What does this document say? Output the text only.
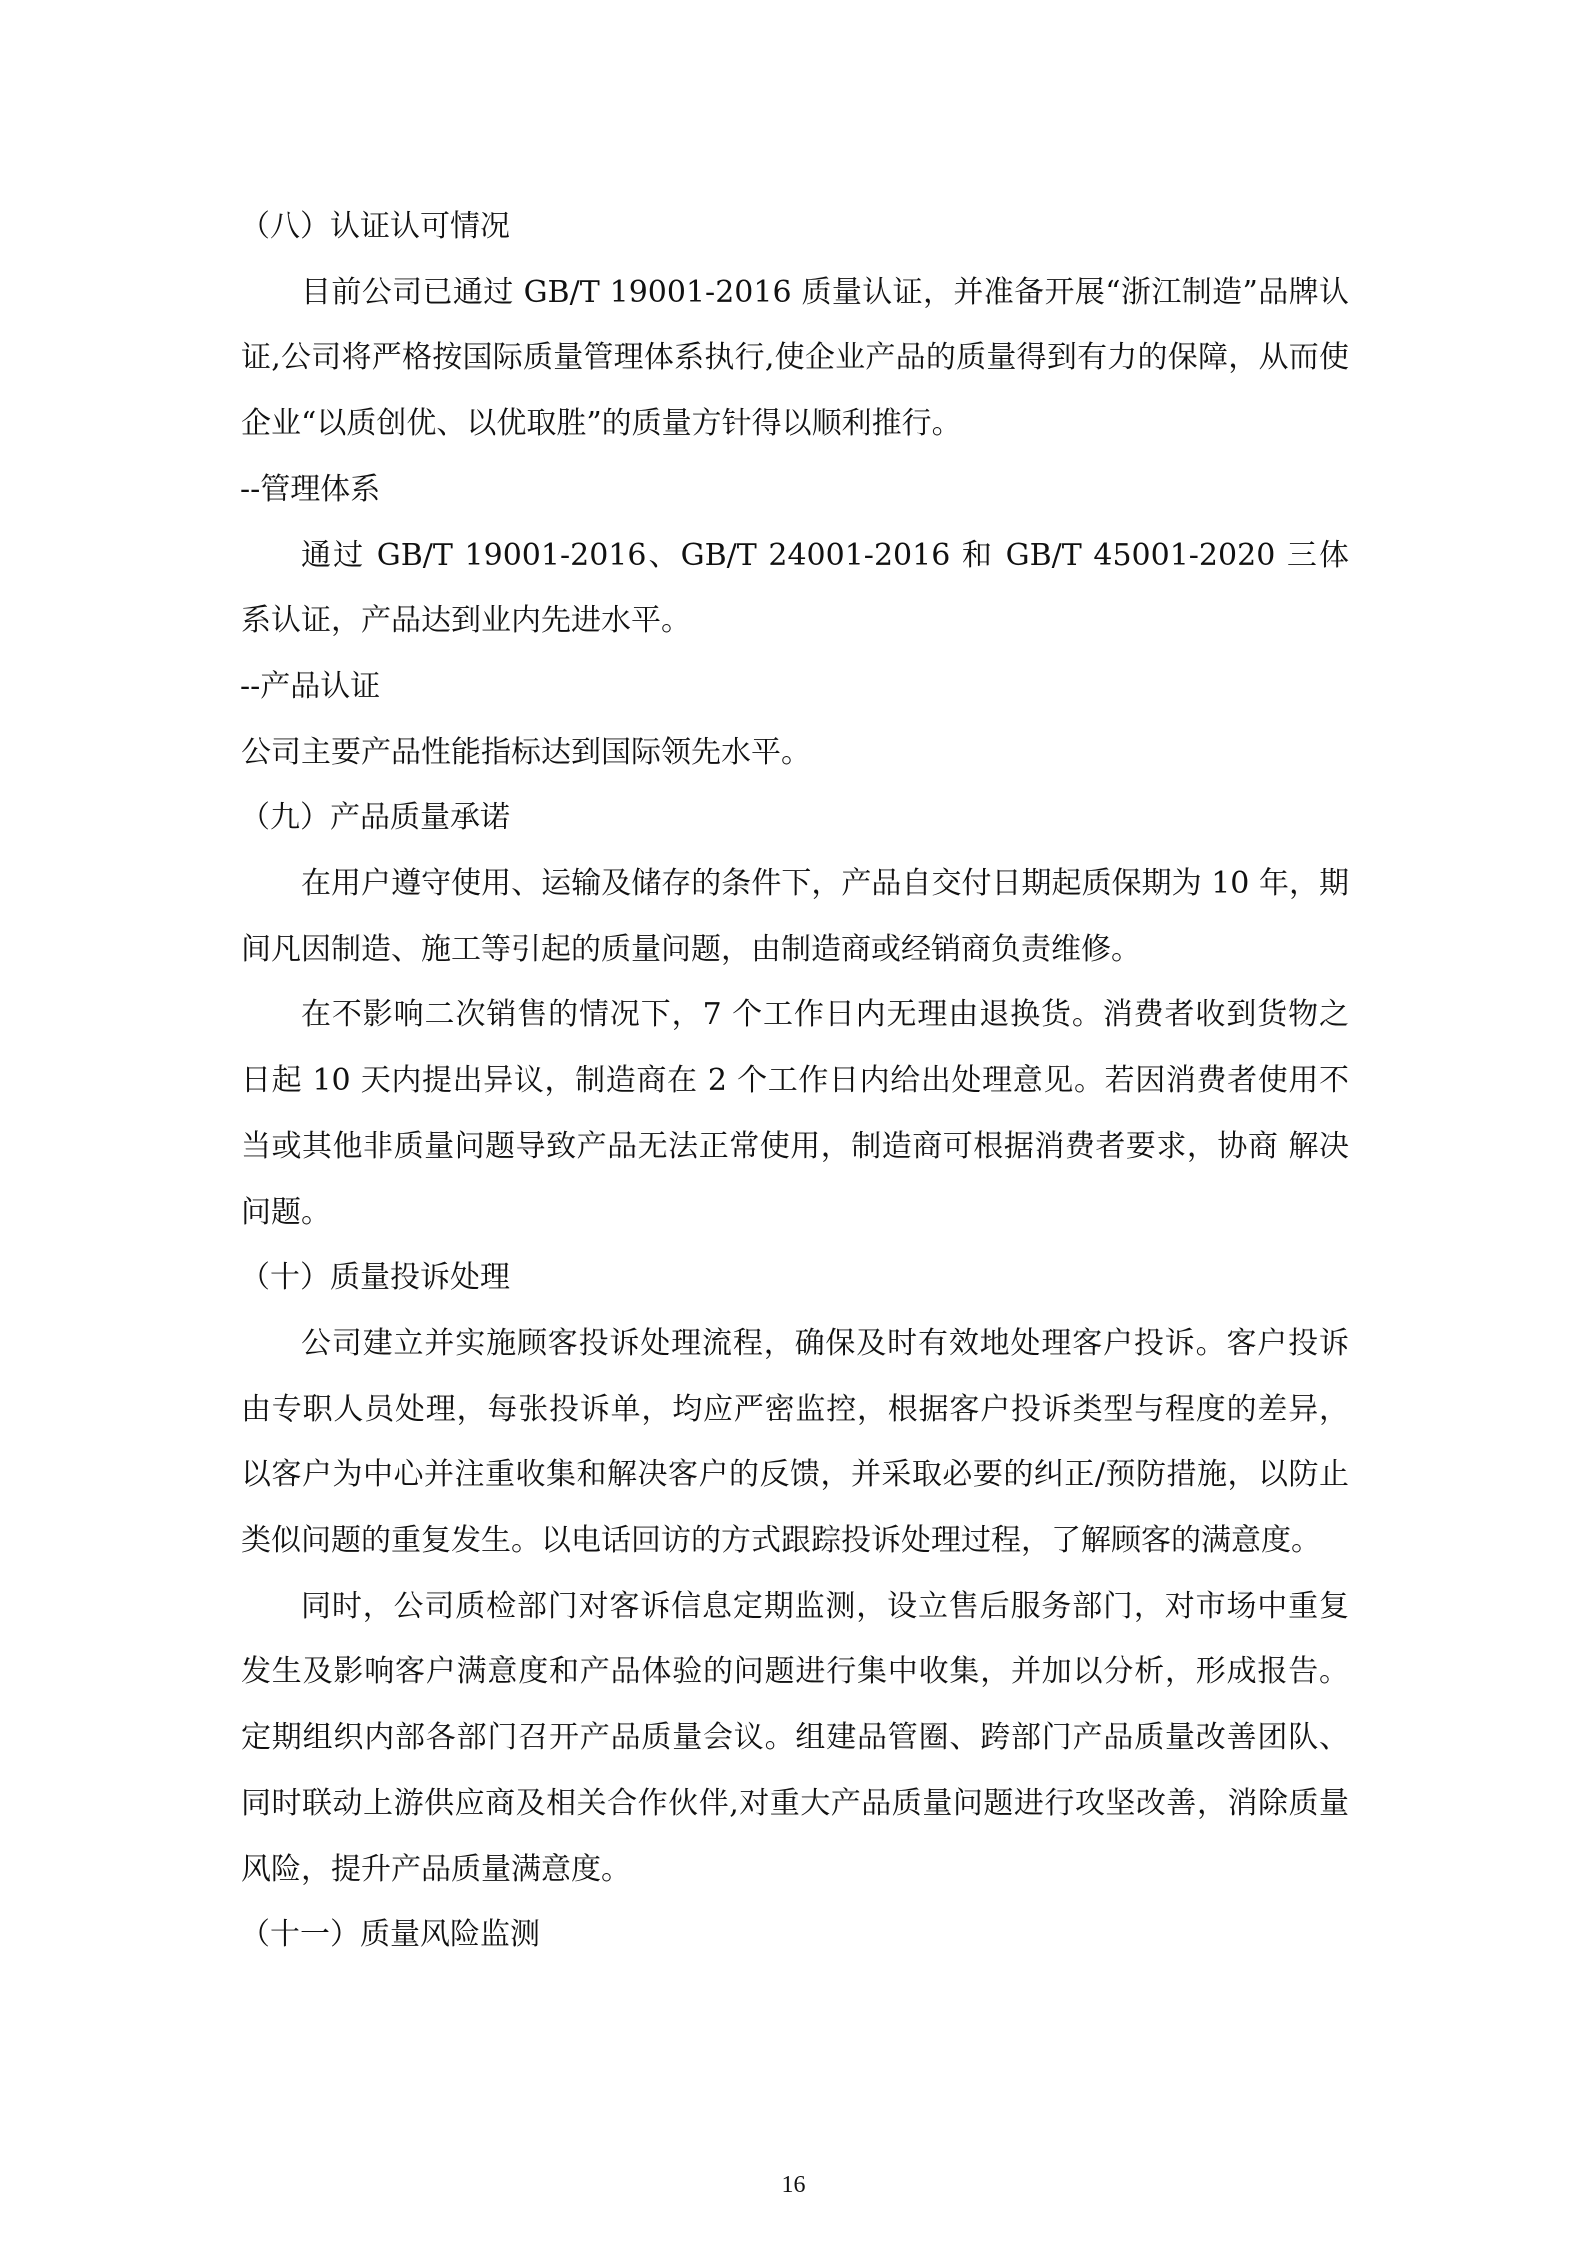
（八）认证认可情况

目前公司已通过 GB/T 19001-2016 质量认证，并准备开展“浙江制造”品牌认证,公司将严格按国际质量管理体系执行,使企业产品的质量得到有力的保障，从而使企业“以质创优、以优取胜”的质量方针得以顺利推行。

--管理体系

通过 GB/T 19001-2016、GB/T 24001-2016 和 GB/T 45001-2020 三体系认证，产品达到业内先进水平。

--产品认证

公司主要产品性能指标达到国际领先水平。

（九）产品质量承诺

在用户遵守使用、运输及储存的条件下，产品自交付日期起质保期为 10 年，期间凡因制造、施工等引起的质量问题，由制造商或经销商负责维修。

在不影响二次销售的情况下，7 个工作日内无理由退换货。消费者收到货物之日起 10 天内提出异议，制造商在 2 个工作日内给出处理意见。若因消费者使用不当或其他非质量问题导致产品无法正常使用，制造商可根据消费者要求，协商 解决问题。

（十）质量投诉处理

公司建立并实施顾客投诉处理流程，确保及时有效地处理客户投诉。客户投诉由专职人员处理，每张投诉单，均应严密监控，根据客户投诉类型与程度的差异，以客户为中心并注重收集和解决客户的反馈，并采取必要的纠正/预防措施，以防止类似问题的重复发生。以电话回访的方式跟踪投诉处理过程，了解顾客的满意度。

同时，公司质检部门对客诉信息定期监测，设立售后服务部门，对市场中重复发生及影响客户满意度和产品体验的问题进行集中收集，并加以分析，形成报告。定期组织内部各部门召开产品质量会议。组建品管圈、跨部门产品质量改善团队、同时联动上游供应商及相关合作伙伴,对重大产品质量问题进行攻坚改善，消除质量风险，提升产品质量满意度。

（十一）质量风险监测

16
